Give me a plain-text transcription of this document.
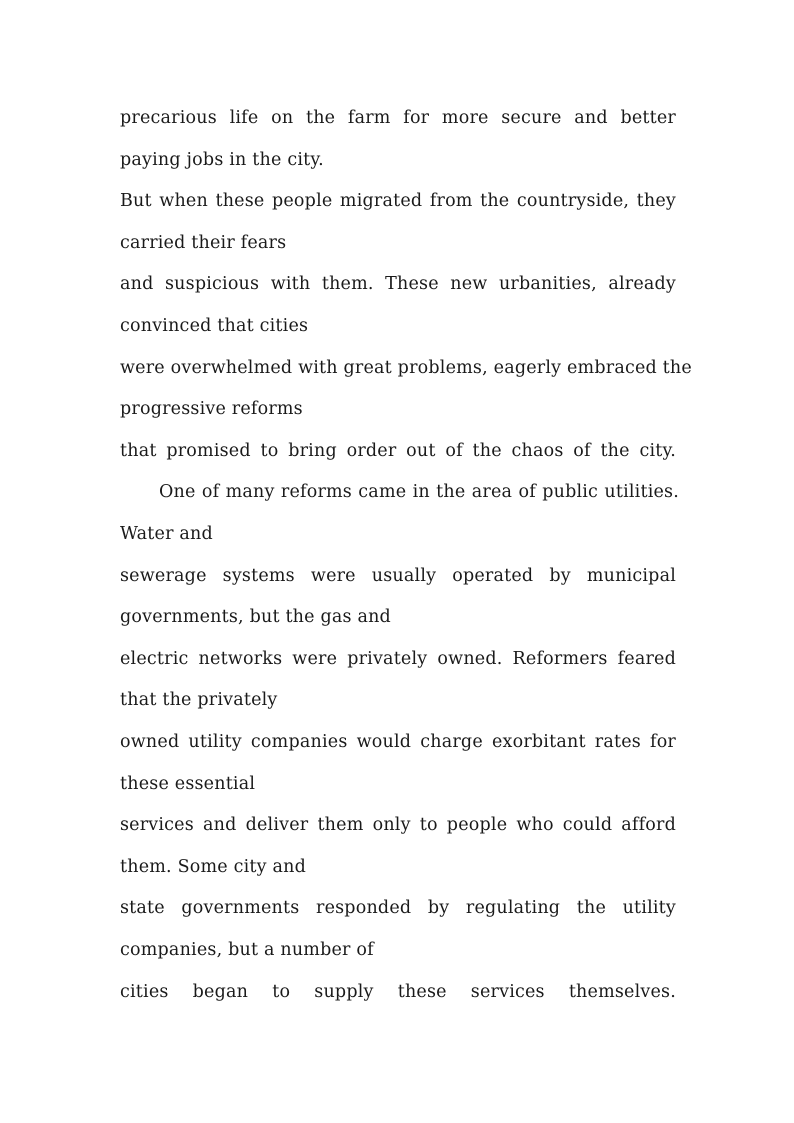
precarious life on the farm for more secure and better
paying jobs in the city.
But when these people migrated from the countryside, they
carried their fears
and suspicious with them. These new urbanities, already
convinced that cities
were overwhelmed with great problems, eagerly embraced the
progressive reforms
that promised to bring order out of the chaos of the city.
One of many reforms came in the area of public utilities.
Water and
sewerage systems were usually operated by municipal
governments, but the gas and
electric networks were privately owned. Reformers feared
that the privately
owned utility companies would charge exorbitant rates for
these essential
services and deliver them only to people who could afford
them. Some city and
state governments responded by regulating the utility
companies, but a number of
cities began to supply these services themselves.
